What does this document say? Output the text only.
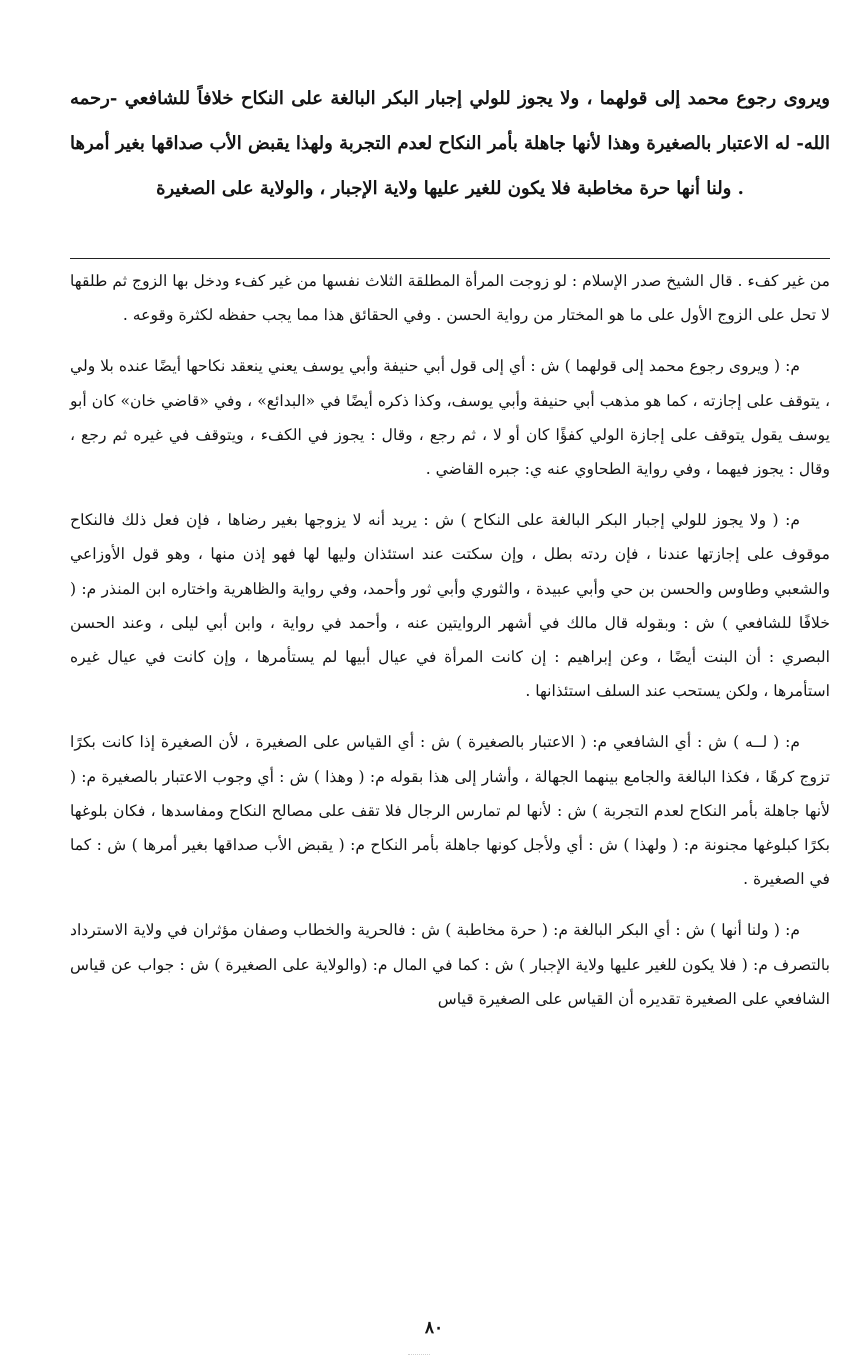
ويروى رجوع محمد إلى قولهما ، ولا يجوز للولي إجبار البكر البالغة على النكاح خلافاً للشافعي -رحمه الله- له الاعتبار بالصغيرة وهذا لأنها جاهلة بأمر النكاح لعدم التجربة ولهذا يقبض الأب صداقها بغير أمرها . ولنا أنها حرة مخاطبة فلا يكون للغير عليها ولاية الإجبار ، والولاية على الصغيرة

من غير كفء . قال الشيخ صدر الإسلام : لو زوجت المرأة المطلقة الثلاث نفسها من غير كفء ودخل بها الزوج ثم طلقها لا تحل على الزوج الأول على ما هو المختار من رواية الحسن . وفي الحقائق هذا مما يجب حفظه لكثرة وقوعه .

م: ( ويروى رجوع محمد إلى قولهما ) ش : أي إلى قول أبي حنيفة وأبي يوسف يعني ينعقد نكاحها أيضًا عنده بلا ولي ، يتوقف على إجازته ، كما هو مذهب أبي حنيفة وأبي يوسف، وكذا ذكره أيضًا في «البدائع» ، وفي «قاضي خان» كان أبو يوسف يقول يتوقف على إجازة الولي كفؤًا كان أو لا ، ثم رجع ، وقال : يجوز في الكفء ، ويتوقف في غيره ثم رجع ، وقال : يجوز فيهما ، وفي رواية الطحاوي عنه ي: جبره القاضي .

م: ( ولا يجوز للولي إجبار البكر البالغة على النكاح ) ش : يريد أنه لا يزوجها بغير رضاها ، فإن فعل ذلك فالنكاح موقوف على إجازتها عندنا ، فإن ردته بطل ، وإن سكتت عند استئذان وليها لها فهو إذن منها ، وهو قول الأوزاعي والشعبي وطاوس والحسن بن حي وأبي عبيدة ، والثوري وأبي ثور وأحمد، وفي رواية والظاهرية واختاره ابن المنذر م: ( خلافًا للشافعي ) ش : وبقوله قال مالك في أشهر الروايتين عنه ، وأحمد في رواية ، وابن أبي ليلى ، وعند الحسن البصري : أن البنت أيضًا ، وعن إبراهيم : إن كانت المرأة في عيال أبيها لم يستأمرها ، وإن كانت في عيال غيره استأمرها ، ولكن يستحب عند السلف استئذانها .

م: ( لــه ) ش : أي الشافعي م: ( الاعتبار بالصغيرة ) ش : أي القياس على الصغيرة ، لأن الصغيرة إذا كانت بكرًا تزوج كرهًا ، فكذا البالغة والجامع بينهما الجهالة ، وأشار إلى هذا بقوله م: ( وهذا ) ش : أي وجوب الاعتبار بالصغيرة م: ( لأنها جاهلة بأمر النكاح لعدم التجربة ) ش : لأنها لم تمارس الرجال فلا تقف على مصالح النكاح ومفاسدها ، فكان بلوغها بكرًا كبلوغها مجنونة م: ( ولهذا ) ش : أي ولأجل كونها جاهلة بأمر النكاح م: ( يقبض الأب صداقها بغير أمرها ) ش : كما في الصغيرة .

م: ( ولنا أنها ) ش : أي البكر البالغة م: ( حرة مخاطبة ) ش : فالحرية والخطاب وصفان مؤثران في ولاية الاسترداد بالتصرف م: ( فلا يكون للغير عليها ولاية الإجبار ) ش : كما في المال م: (والولاية على الصغيرة ) ش : جواب عن قياس الشافعي على الصغيرة تقديره أن القياس على الصغيرة قياس

٨٠
